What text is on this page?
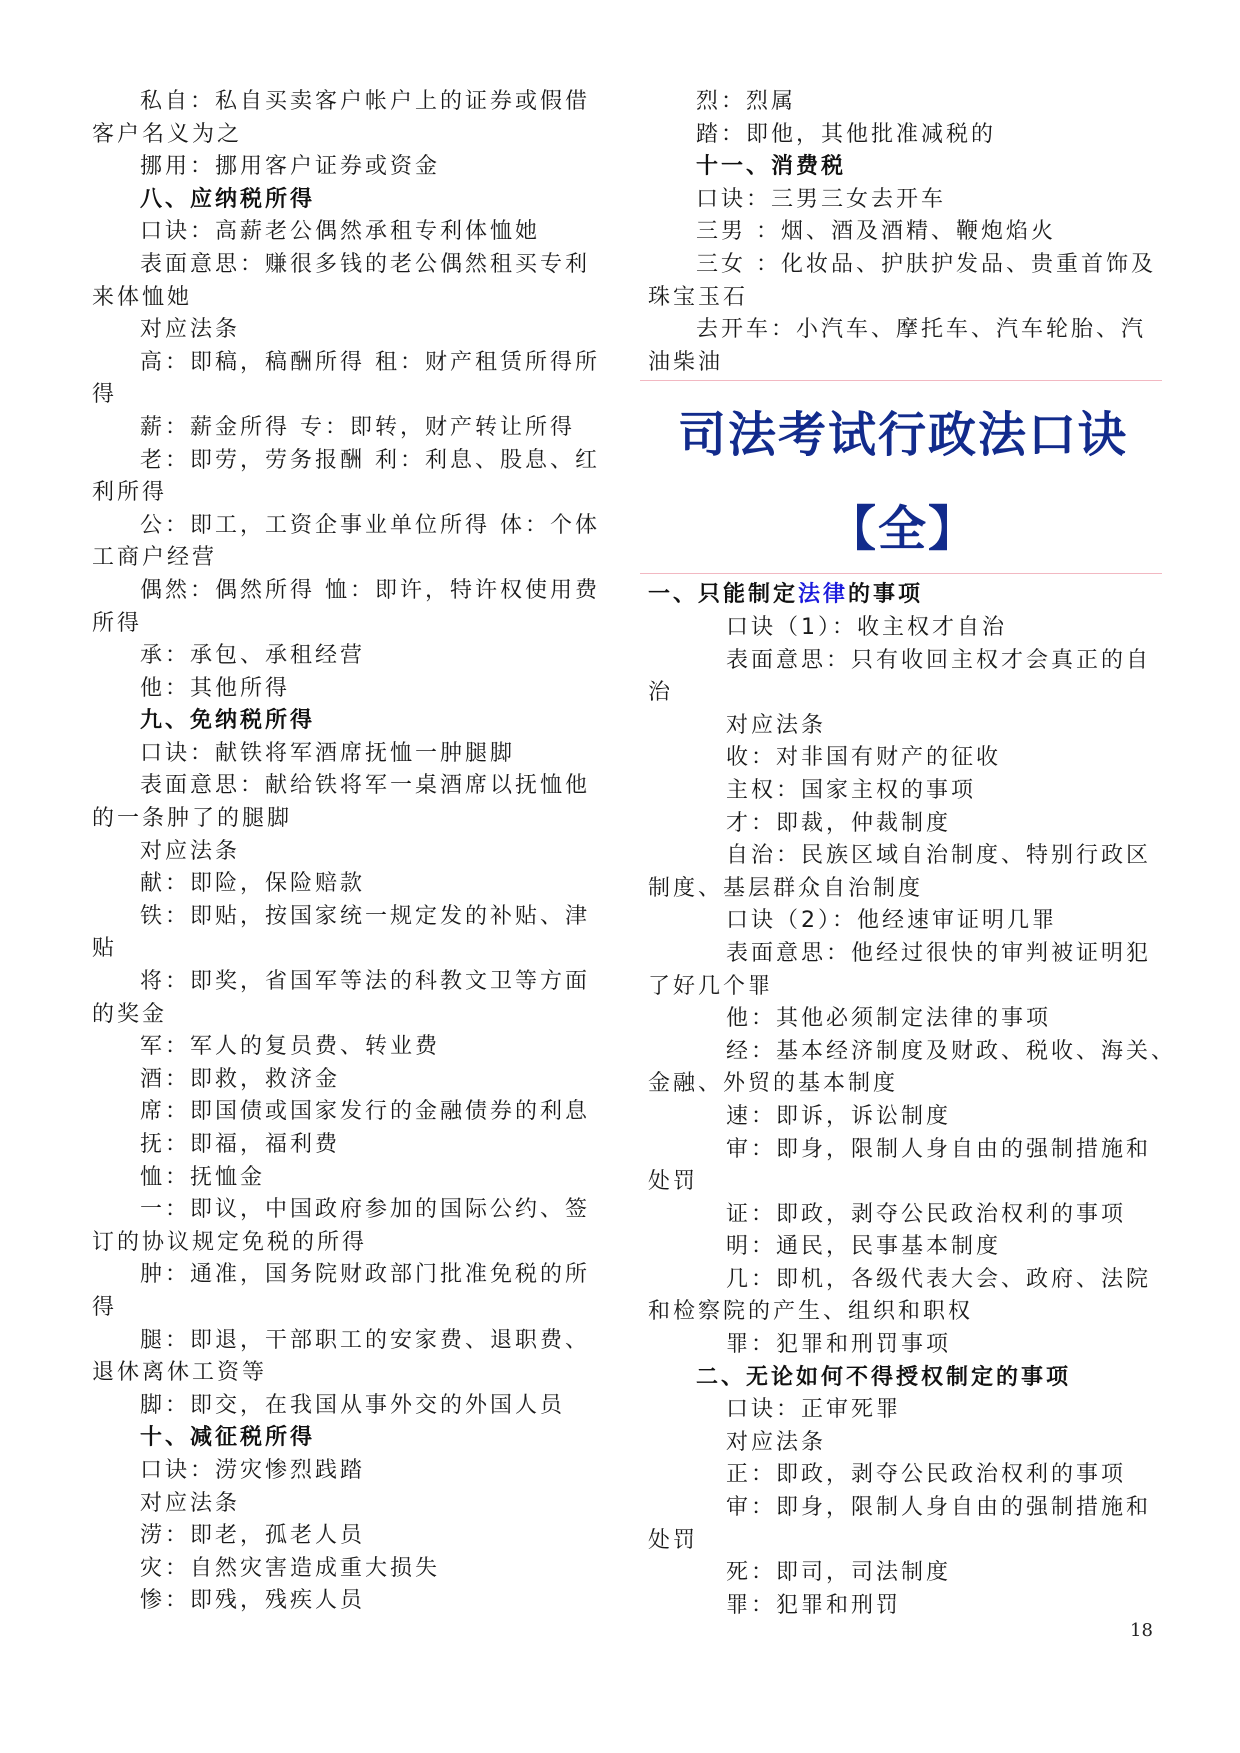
私自：私自买卖客户帐户上的证券或假借
客户名义为之
挪用：挪用客户证券或资金
八、应纳税所得
口诀：高薪老公偶然承租专利体恤她
表面意思：赚很多钱的老公偶然租买专利
来体恤她
对应法条
高：即稿，稿酬所得 租：财产租赁所得所
得
薪：薪金所得 专：即转，财产转让所得
老：即劳，劳务报酬 利：利息、股息、红
利所得
公：即工，工资企事业单位所得 体：个体
工商户经营
偶然：偶然所得 恤：即许，特许权使用费
所得
承：承包、承租经营
他：其他所得
九、免纳税所得
口诀：献铁将军酒席抚恤一肿腿脚
表面意思：献给铁将军一桌酒席以抚恤他
的一条肿了的腿脚
对应法条
献：即险，保险赔款
铁：即贴，按国家统一规定发的补贴、津
贴
将：即奖，省国军等法的科教文卫等方面
的奖金
军：军人的复员费、转业费
酒：即救，救济金
席：即国债或国家发行的金融债券的利息
抚：即福，福利费
恤：抚恤金
一：即议，中国政府参加的国际公约、签
订的协议规定免税的所得
肿：通准，国务院财政部门批准免税的所
得
腿：即退，干部职工的安家费、退职费、
退休离休工资等
脚：即交，在我国从事外交的外国人员
十、减征税所得
口诀：涝灾惨烈践踏
对应法条
涝：即老，孤老人员
灾：自然灾害造成重大损失
惨：即残，残疾人员
烈：烈属
踏：即他，其他批准减税的
十一、消费税
口诀：三男三女去开车
三男 ：烟、酒及酒精、鞭炮焰火
三女 ：化妆品、护肤护发品、贵重首饰及
珠宝玉石
去开车：小汽车、摩托车、汽车轮胎、汽
油柴油
司法考试行政法口诀
【全】
一、只能制定法律的事项
口诀（1）：收主权才自治
表面意思：只有收回主权才会真正的自
治
对应法条
收：对非国有财产的征收
主权：国家主权的事项
才：即裁，仲裁制度
自治：民族区域自治制度、特别行政区
制度、基层群众自治制度
口诀（2）：他经速审证明几罪
表面意思：他经过很快的审判被证明犯
了好几个罪
他：其他必须制定法律的事项
经：基本经济制度及财政、税收、海关、
金融、外贸的基本制度
速：即诉，诉讼制度
审：即身，限制人身自由的强制措施和
处罚
证：即政，剥夺公民政治权利的事项
明：通民，民事基本制度
几：即机，各级代表大会、政府、法院
和检察院的产生、组织和职权
罪：犯罪和刑罚事项
二、无论如何不得授权制定的事项
口诀：正审死罪
对应法条
正：即政，剥夺公民政治权利的事项
审：即身，限制人身自由的强制措施和
处罚
死：即司，司法制度
罪：犯罪和刑罚
18
